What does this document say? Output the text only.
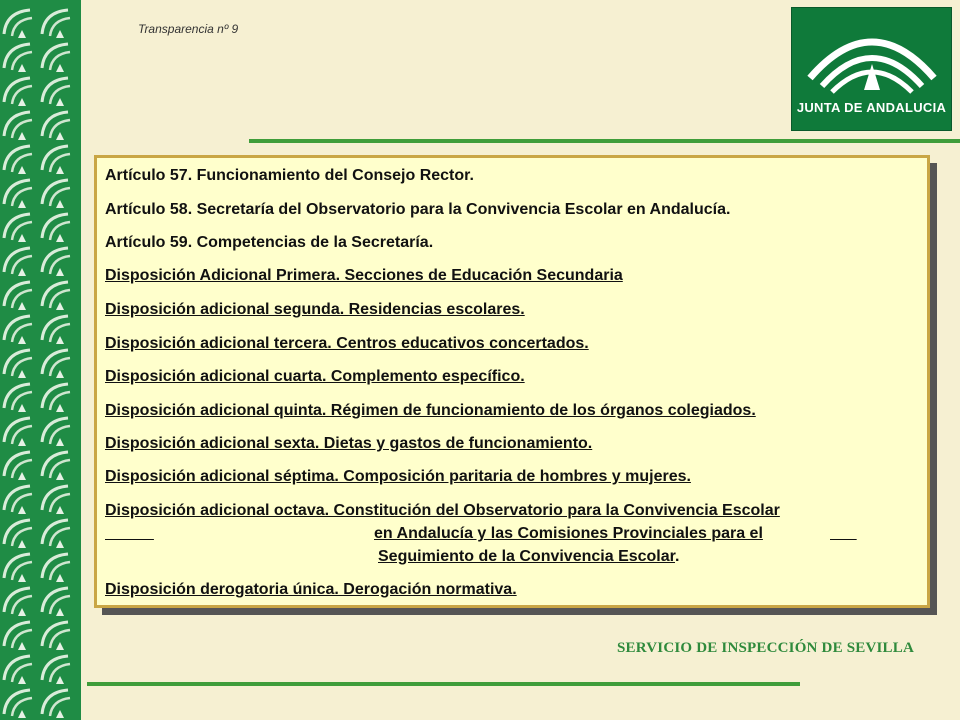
Transparencia nº 9
JUNTA DE ANDALUCIA
Artículo 57. Funcionamiento del Consejo Rector.
Artículo 58. Secretaría del Observatorio para la Convivencia Escolar en Andalucía.
Artículo 59. Competencias de la Secretaría.
Disposición Adicional Primera. Secciones de Educación Secundaria
Disposición adicional segunda. Residencias escolares.
Disposición adicional tercera. Centros educativos concertados.
Disposición adicional cuarta. Complemento específico.
Disposición adicional quinta. Régimen de funcionamiento de los órganos colegiados.
Disposición adicional sexta. Dietas y gastos de funcionamiento.
Disposición adicional séptima. Composición paritaria de hombres y mujeres.
Disposición adicional octava. Constitución del Observatorio para la Convivencia Escolar

en Andalucía y las Comisiones Provinciales para el

Seguimiento de la Convivencia Escolar.
Disposición derogatoria única. Derogación normativa.
SERVICIO DE INSPECCIÓN DE SEVILLA
